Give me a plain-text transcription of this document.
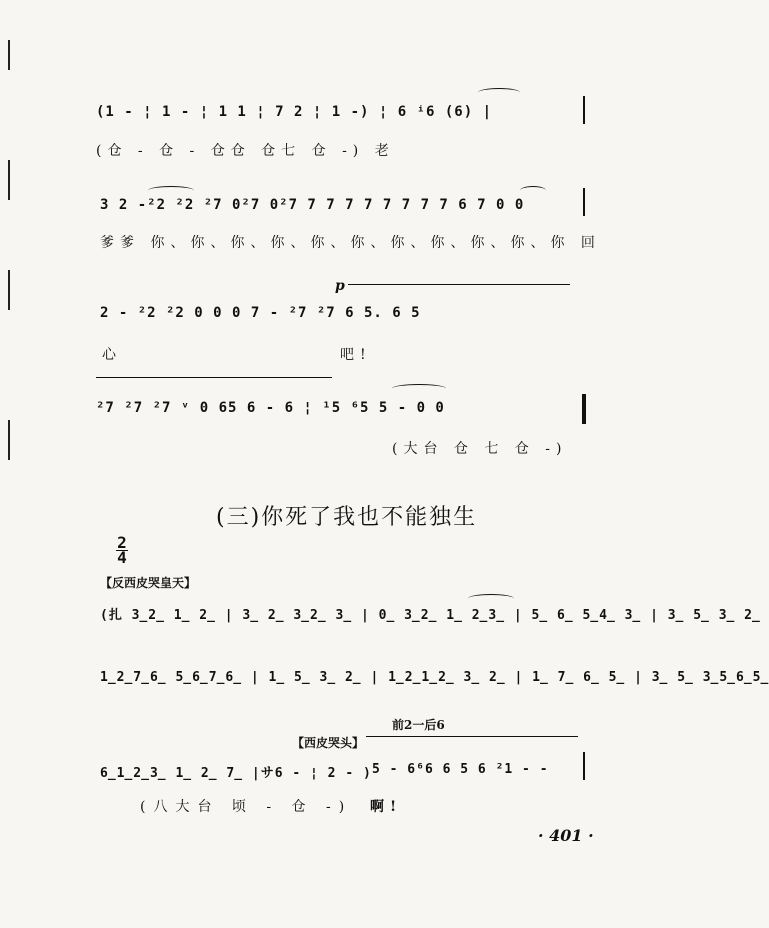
(1 - ¦ 1 - ¦ 1 1 ¦ 7 2 ¦ 1 -) ¦ 6 ⁱ6 (6) |
(仓 - 仓 - 仓仓 仓七 仓 -) 老
3 2 -²2 ²2 ²7 0²7 0²7 7 7 7 7 7 7 7 7 6 7 0 0
爹爹 你、你、你、你、你、你、你、你、你、你、你 回
p
2 - ²2 ²2 0 0 0 7 - ²7 ²7 6 5. 6 5
心	吧!
²7 ²7 ²7 ᵛ 0 65 6 - 6 ¦ ¹5 ⁶5 5 - 0 0
(大台 仓 七 仓 -)
(三)你死了我也不能独生
2
4
【反西皮哭皇天】
(扎 3̲2̲ 1̲ 2̲ | 3̲ 2̲ 3̲2̲ 3̲ | 0̲ 3̲2̲ 1̲ 2̲3̲ | 5̲ 6̲ 5̲4̲ 3̲ | 3̲ 5̲ 3̲ 2̲
1̲2̲7̲6̲ 5̲6̲7̲6̲ | 1̲ 5̲ 3̲ 2̲ | 1̲2̲1̲2̲ 3̲ 2̲ | 1̲ 7̲ 6̲ 5̲ | 3̲ 5̲ 3̲5̲6̲5̲
【西皮哭头】
前2一后6
6̲1̲2̲3̲ 1̲ 2̲ 7̲ |サ6 - ¦ 2 - ) 5 - 6⁶6 6 5 6 ²1 - -
(八大台 顷 - 仓 -) 啊!
· 401 ·
